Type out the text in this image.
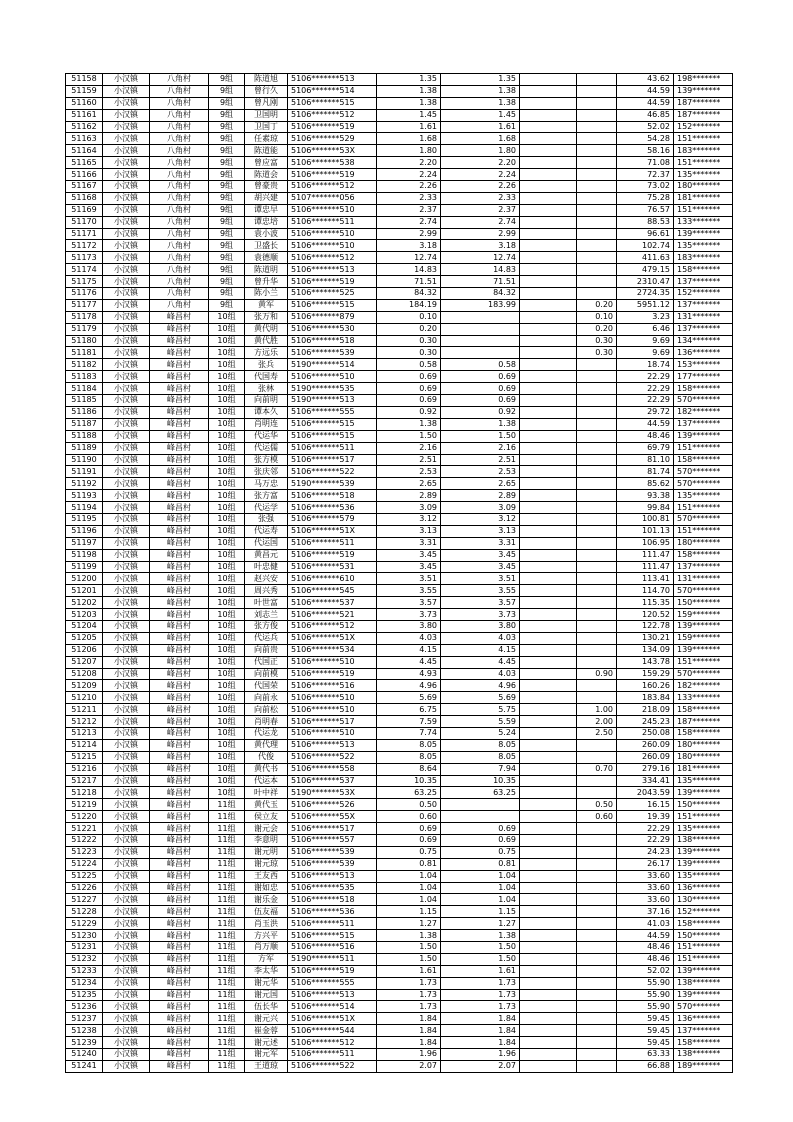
51158	小汉镇	八角村	9组	陈道旭	5106*******513	1.35	1.35			43.62	198*******
51159	小汉镇	八角村	9组	曾行久	5106*******514	1.38	1.38			44.59	139*******
51160	小汉镇	八角村	9组	曾凡刚	5106*******515	1.38	1.38			44.59	187*******
51161	小汉镇	八角村	9组	卫国明	5106*******512	1.45	1.45			46.85	187*******
51162	小汉镇	八角村	9组	卫国丁	5106*******519	1.61	1.61			52.02	152*******
51163	小汉镇	八角村	9组	任素琼	5106*******529	1.68	1.68			54.28	151*******
51164	小汉镇	八角村	9组	陈道能	5106*******53X	1.80	1.80			58.16	183*******
51165	小汉镇	八角村	9组	曾应富	5106*******538	2.20	2.20			71.08	151*******
51166	小汉镇	八角村	9组	陈道会	5106*******519	2.24	2.24			72.37	135*******
51167	小汉镇	八角村	9组	曾豪贵	5106*******512	2.26	2.26			73.02	180*******
51168	小汉镇	八角村	9组	胡兴建	5107*******056	2.33	2.33			75.28	181*******
51169	小汉镇	八角村	9组	谭忠早	5106*******510	2.37	2.37			76.57	151*******
51170	小汉镇	八角村	9组	谭忠培	5106*******511	2.74	2.74			88.53	133*******
51171	小汉镇	八角村	9组	袁小波	5106*******510	2.99	2.99			96.61	139*******
51172	小汉镇	八角村	9组	卫盛长	5106*******510	3.18	3.18			102.74	135*******
51173	小汉镇	八角村	9组	袁德顺	5106*******512	12.74	12.74			411.63	183*******
51174	小汉镇	八角村	9组	陈道明	5106*******513	14.83	14.83			479.15	158*******
51175	小汉镇	八角村	9组	曾升华	5106*******519	71.51	71.51			2310.47	137*******
51176	小汉镇	八角村	9组	陈小兰	5106*******525	84.32	84.32			2724.35	152*******
51177	小汉镇	八角村	9组	黄军	5106*******515	184.19	183.99		0.20	5951.12	137*******
51178	小汉镇	峰昌村	10组	张万和	5106*******879	0.10			0.10	3.23	131*******
51179	小汉镇	峰昌村	10组	黄代明	5106*******530	0.20			0.20	6.46	137*******
51180	小汉镇	峰昌村	10组	黄代胜	5106*******518	0.30			0.30	9.69	134*******
51181	小汉镇	峰昌村	10组	方远乐	5106*******539	0.30			0.30	9.69	136*******
51182	小汉镇	峰昌村	10组	张兵	5190*******514	0.58	0.58			18.74	153*******
51183	小汉镇	峰昌村	10组	代国寿	5106*******510	0.69	0.69			22.29	177*******
51184	小汉镇	峰昌村	10组	张林	5190*******535	0.69	0.69			22.29	158*******
51185	小汉镇	峰昌村	10组	向前明	5190*******513	0.69	0.69			22.29	570*******
51186	小汉镇	峰昌村	10组	谭本久	5106*******555	0.92	0.92			29.72	182*******
51187	小汉镇	峰昌村	10组	肖明连	5106*******515	1.38	1.38			44.59	137*******
51188	小汉镇	峰昌村	10组	代运华	5106*******515	1.50	1.50			48.46	139*******
51189	小汉镇	峰昌村	10组	代运儒	5106*******511	2.16	2.16			69.79	151*******
51190	小汉镇	峰昌村	10组	张方模	5106*******517	2.51	2.51			81.10	158*******
51191	小汉镇	峰昌村	10组	张庆邻	5106*******522	2.53	2.53			81.74	570*******
51192	小汉镇	峰昌村	10组	马万忠	5190*******539	2.65	2.65			85.62	570*******
51193	小汉镇	峰昌村	10组	张方富	5106*******518	2.89	2.89			93.38	135*******
51194	小汉镇	峰昌村	10组	代运学	5106*******536	3.09	3.09			99.84	151*******
51195	小汉镇	峰昌村	10组	张强	5106*******579	3.12	3.12			100.81	570*******
51196	小汉镇	峰昌村	10组	代运寿	5106*******51X	3.13	3.13			101.13	151*******
51197	小汉镇	峰昌村	10组	代运国	5106*******511	3.31	3.31			106.95	180*******
51198	小汉镇	峰昌村	10组	黄昌元	5106*******519	3.45	3.45			111.47	158*******
51199	小汉镇	峰昌村	10组	叶忠健	5106*******531	3.45	3.45			111.47	137*******
51200	小汉镇	峰昌村	10组	赵兴安	5106*******610	3.51	3.51			113.41	131*******
51201	小汉镇	峰昌村	10组	周兴秀	5106*******545	3.55	3.55			114.70	570*******
51202	小汉镇	峰昌村	10组	叶世富	5106*******537	3.57	3.57			115.35	150*******
51203	小汉镇	峰昌村	10组	刘志兰	5106*******521	3.73	3.73			120.52	159*******
51204	小汉镇	峰昌村	10组	张方俊	5106*******512	3.80	3.80			122.78	139*******
51205	小汉镇	峰昌村	10组	代运兵	5106*******51X	4.03	4.03			130.21	159*******
51206	小汉镇	峰昌村	10组	向前贵	5106*******534	4.15	4.15			134.09	139*******
51207	小汉镇	峰昌村	10组	代国正	5106*******510	4.45	4.45			143.78	151*******
51208	小汉镇	峰昌村	10组	向前模	5106*******519	4.93	4.03		0.90	159.29	570*******
51209	小汉镇	峰昌村	10组	代国荣	5106*******516	4.96	4.96			160.26	182*******
51210	小汉镇	峰昌村	10组	向前永	5106*******510	5.69	5.69			183.84	133*******
51211	小汉镇	峰昌村	10组	向前松	5106*******510	6.75	5.75		1.00	218.09	158*******
51212	小汉镇	峰昌村	10组	肖明春	5106*******517	7.59	5.59		2.00	245.23	187*******
51213	小汉镇	峰昌村	10组	代运龙	5106*******510	7.74	5.24		2.50	250.08	158*******
51214	小汉镇	峰昌村	10组	黄代理	5106*******513	8.05	8.05			260.09	180*******
51215	小汉镇	峰昌村	10组	代俊	5106*******522	8.05	8.05			260.09	180*******
51216	小汉镇	峰昌村	10组	黄代书	5106*******558	8.64	7.94		0.70	279.16	181*******
51217	小汉镇	峰昌村	10组	代运本	5106*******537	10.35	10.35			334.41	135*******
51218	小汉镇	峰昌村	10组	叶中祥	5190*******53X	63.25	63.25			2043.59	139*******
51219	小汉镇	峰昌村	11组	黄代玉	5106*******526	0.50			0.50	16.15	150*******
51220	小汉镇	峰昌村	11组	侯立友	5106*******55X	0.60			0.60	19.39	151*******
51221	小汉镇	峰昌村	11组	谢元会	5106*******517	0.69	0.69			22.29	135*******
51222	小汉镇	峰昌村	11组	李意明	5106*******557	0.69	0.69			22.29	138*******
51223	小汉镇	峰昌村	11组	谢元明	5106*******539	0.75	0.75			24.23	139*******
51224	小汉镇	峰昌村	11组	谢元琼	5106*******539	0.81	0.81			26.17	139*******
51225	小汉镇	峰昌村	11组	王友西	5106*******513	1.04	1.04			33.60	135*******
51226	小汉镇	峰昌村	11组	谢如忠	5106*******535	1.04	1.04			33.60	136*******
51227	小汉镇	峰昌村	11组	谢乐金	5106*******518	1.04	1.04			33.60	130*******
51228	小汉镇	峰昌村	11组	伍友福	5106*******536	1.15	1.15			37.16	152*******
51229	小汉镇	峰昌村	11组	肖玉洪	5106*******511	1.27	1.27			41.03	158*******
51230	小汉镇	峰昌村	11组	方兴平	5106*******515	1.38	1.38			44.59	150*******
51231	小汉镇	峰昌村	11组	肖万顺	5106*******516	1.50	1.50			48.46	151*******
51232	小汉镇	峰昌村	11组	方军	5190*******511	1.50	1.50			48.46	151*******
51233	小汉镇	峰昌村	11组	李太华	5106*******519	1.61	1.61			52.02	139*******
51234	小汉镇	峰昌村	11组	谢元华	5106*******555	1.73	1.73			55.90	138*******
51235	小汉镇	峰昌村	11组	谢元国	5106*******513	1.73	1.73			55.90	139*******
51236	小汉镇	峰昌村	11组	伍长华	5106*******514	1.73	1.73			55.90	570*******
51237	小汉镇	峰昌村	11组	谢元兴	5106*******51X	1.84	1.84			59.45	136*******
51238	小汉镇	峰昌村	11组	崔金蓉	5106*******544	1.84	1.84			59.45	137*******
51239	小汉镇	峰昌村	11组	谢元述	5106*******512	1.84	1.84			59.45	158*******
51240	小汉镇	峰昌村	11组	谢元军	5106*******511	1.96	1.96			63.33	138*******
51241	小汉镇	峰昌村	11组	王道琼	5106*******522	2.07	2.07			66.88	189*******
